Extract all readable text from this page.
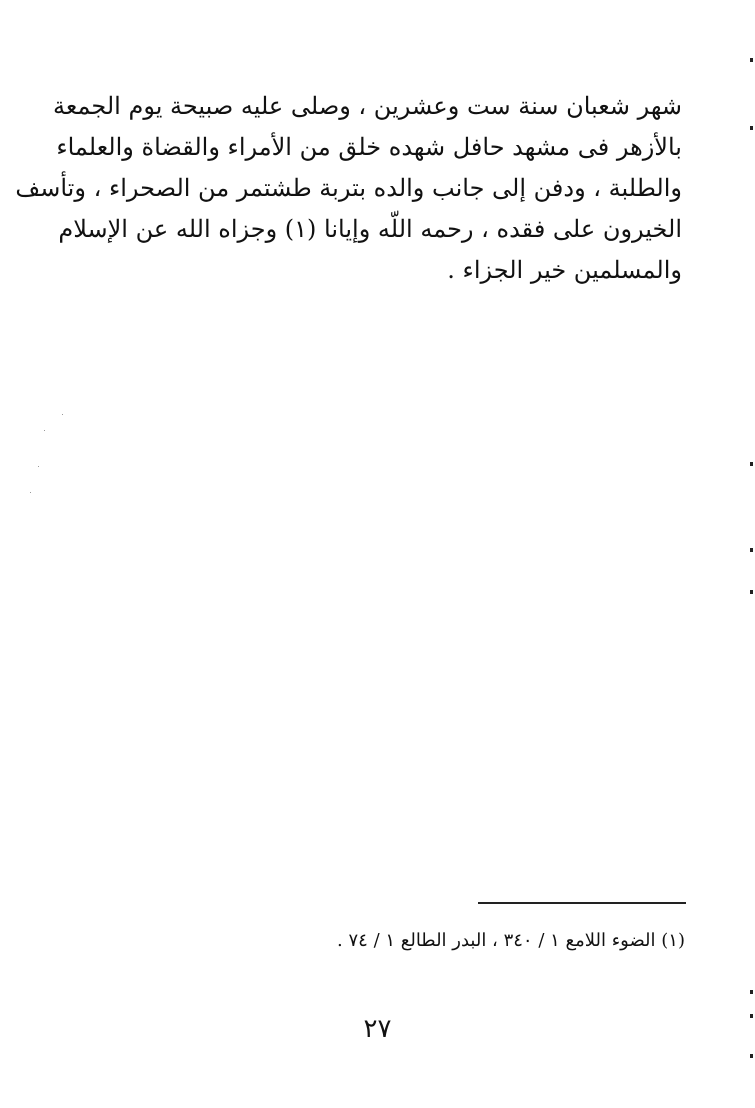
شهر شعبان سنة ست وعشرين ، وصلى عليه صبيحة يوم الجمعة
بالأزهر فى مشهد حافل شهده خلق من الأمراء والقضاة والعلماء
والطلبة ، ودفن إلى جانب والده بتربة طشتمر من الصحراء ، وتأسف
الخيرون على فقده ، رحمه اللّه وإيانا (١) وجزاه الله عن الإسلام
والمسلمين خير الجزاء .
(١) الضوء اللامع ١ / ٣٤٠ ، البدر الطالع ١ / ٧٤ .
٢٧
